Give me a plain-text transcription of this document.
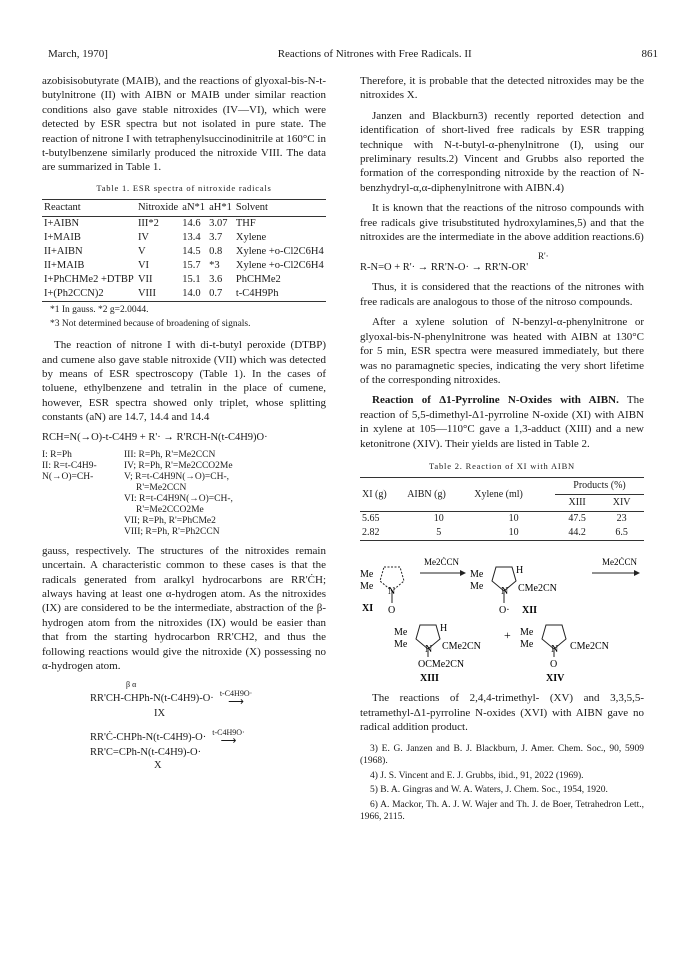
March, 1970]	Reactions of Nitrones with Free Radicals. II	861

azobisisobutyrate (MAIB), and the reactions of glyoxal-bis-N-t-butylnitrone (II) with AIBN or MAIB under similar reaction conditions also gave stable nitroxides (IV—VI), which were detected by ESR spectra but not isolated in pure state. The reaction of nitrone I with tetraphenylsuccinodinitrile at 160°C in t-butylbenzene similarly produced the nitroxide VIII. The data are summarized in Table 1.

Table 1. ESR spectra of nitroxide radicals
Reactant	Nitroxide	aN*1	aH*1	Solvent
I+AIBN	III*2	14.6	3.07	THF
I+MAIB	IV	13.4	3.7	Xylene
II+AIBN	V	14.5	0.8	Xylene +o-Cl2C6H4
II+MAIB	VI	15.7	*3	Xylene +o-Cl2C6H4
I+PhCHMe2 +DTBP	VII	15.1	3.6	PhCHMe2
I+(Ph2CCN)2	VIII	14.0	0.7	t-C4H9Ph
*1 In gauss. *2 g=2.0044.
*3 Not determined because of broadening of signals.

The reaction of nitrone I with di-t-butyl peroxide (DTBP) and cumene also gave stable nitroxide (VII) which was detected by means of ESR spectroscopy (Table 1). In the cases of toluene, ethylbenzene and tetralin in the place of cumene, however, ESR spectra showed only triplet, whose splitting constants (aN) are 14.7, 14.4 and 14.4

RCH=N(→O)-t-C4H9 + R'· → R'RCH-N(t-C4H9)O·
I: R=Ph	III: R=Ph, R'=Me2CCN
II: R=t-C4H9-	IV; R=Ph, R'=Me2CCO2Me
N(→O)=CH-	V; R=t-C4H9N(→O)=CH-,
R'=Me2CCN
VI: R=t-C4H9N(→O)=CH-,
R'=Me2CCO2Me
VII; R=Ph, R'=PhCMe2
VIII; R=Ph, R'=Ph2CCN

gauss, respectively. The structures of the nitroxides remain uncertain. A characteristic common to these cases is that the radicals generated from aralkyl hydrocarbons are RR'ĊH; always having at least one α-hydrogen atom. As the nitroxides (IX) are considered to be the intermediate, abstraction of the β-hydrogen atom from the nitroxides (IX) would be easier than that from the starting hydrocarbon RR'CH2, and thus the following reactions would give the nitroxide (X) possessing no α-hydrogen atom.

β α
RR'CH-CHPh-N(t-C4H9)-O· t-C4H9O·
⟶
IX
RR'Ċ-CHPh-N(t-C4H9)-O· t-C4H9O·
⟶
RR'C=CPh-N(t-C4H9)-O·
X

Therefore, it is probable that the detected nitroxides may be the nitroxides X.

Janzen and Blackburn3) recently reported detection and identification of short-lived free radicals by ESR trapping technique with N-t-butyl-α-phenylnitrone (I), using our preliminary results.2) Vincent and Grubbs also reported the formation of the corresponding nitroxide by the reaction of N-benzhydryl-α,α-diphenylnitrone with AIBN.4)

It is known that the reactions of the nitroso compounds with free radicals give trisubstituted hydroxylamines,5) and that the nitroxides are the intermediate in the above addition reactions.6)

R'·
R-N=O + R'· → RR'N-O· → RR'N-OR'

Thus, it is considered that the reactions of the nitrones with free radicals are analogous to those of the nitroso compounds.

After a xylene solution of N-benzyl-α-phenylnitrone or glyoxal-bis-N-phenylnitrone was heated with AIBN at 130°C for 5 min, ESR spectra were measured immediately, but there was no paramagnetic species, indicating the very short lifetime of the corresponding nitroxides.

Reaction of Δ1-Pyrroline N-Oxides with AIBN. The reaction of 5,5-dimethyl-Δ1-pyrroline N-oxide (XI) with AIBN in xylene at 105—110°C gave a 1,3-adduct (XIII) and a new ketonitrone (XIV). Their yields are listed in Table 2.

Table 2. Reaction of XI with AIBN
XI (g)	AIBN (g)	Xylene (ml)	Products (%)	
			XIII	XIV
5.65	10	10	47.5	23
2.82	5	10	44.2	6.5
Me
Me N
O
XI
Me2ĊCN
Me
Me
H
N CMe2CN
O· XII
Me2ĊCN
Me
Me
H
N CMe2CN
OCMe2CN
XIII
+ Me
Me N CMe2CN
O
XIV

The reactions of 2,4,4-trimethyl- (XV) and 3,3,5,5-tetramethyl-Δ1-pyrroline N-oxides (XVI) with AIBN gave no radical addition product.

3) E. G. Janzen and B. J. Blackburn, J. Amer. Chem. Soc., 90, 5909 (1968).
4) J. S. Vincent and E. J. Grubbs, ibid., 91, 2022 (1969).
5) B. A. Gingras and W. A. Waters, J. Chem. Soc., 1954, 1920.
6) A. Mackor, Th. A. J. W. Wajer and Th. J. de Boer, Tetrahedron Lett., 1966, 2115.
